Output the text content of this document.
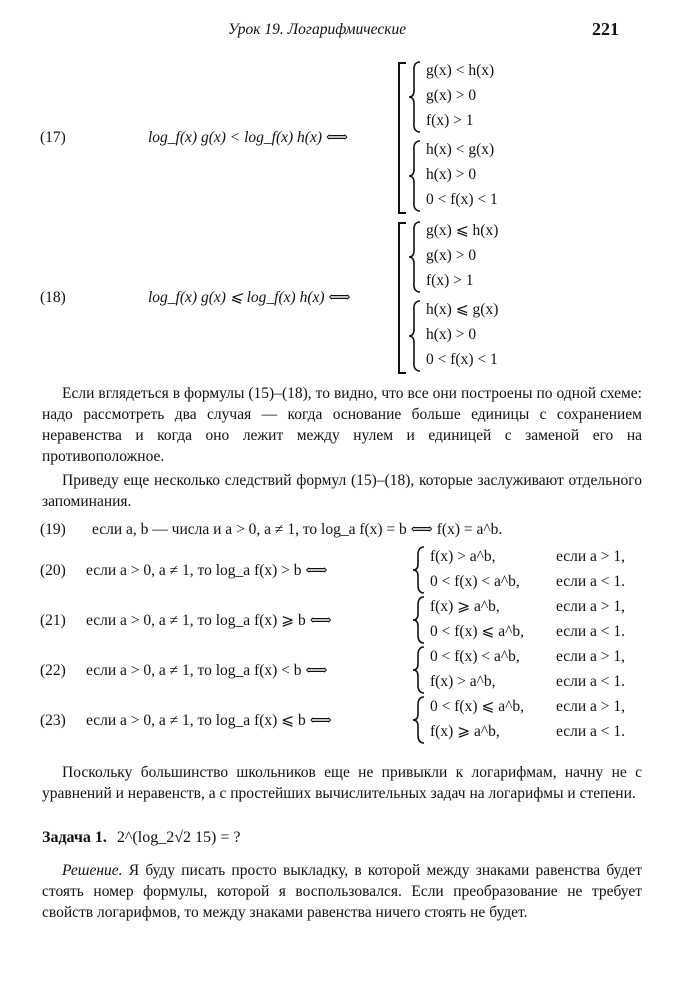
Урок 19. Логарифмические	221
(17)	log_f(x) g(x) < log_f(x) h(x) ⟺
g(x) < h(x)
g(x) > 0
f(x) > 1
h(x) < g(x)
h(x) > 0
0 < f(x) < 1
(18)	log_f(x) g(x) ⩽ log_f(x) h(x) ⟺
g(x) ⩽ h(x)
g(x) > 0
f(x) > 1
h(x) ⩽ g(x)
h(x) > 0
0 < f(x) < 1
Если вглядеться в формулы (15)–(18), то видно, что все они построены по одной схеме: надо рассмотреть два случая — когда основание больше единицы с сохранением неравенства и когда оно лежит между нулем и единицей с заменой его на противоположное.
Приведу еще несколько следствий формул (15)–(18), которые заслуживают отдельного запоминания.
(19) если a, b — числа и a > 0, a ≠ 1, то log_a f(x) = b ⟺ f(x) = a^b.
(20) если a > 0, a ≠ 1, то log_a f(x) > b ⟺
f(x) > a^b,	если a > 1,
0 < f(x) < a^b, если a < 1.
(21) если a > 0, a ≠ 1, то log_a f(x) ⩾ b ⟺
f(x) ⩾ a^b,	если a > 1,
0 < f(x) ⩽ a^b, если a < 1.
(22) если a > 0, a ≠ 1, то log_a f(x) < b ⟺
0 < f(x) < a^b, если a > 1,
f(x) > a^b,	если a < 1.
(23) если a > 0, a ≠ 1, то log_a f(x) ⩽ b ⟺
0 < f(x) ⩽ a^b, если a > 1,
f(x) ⩾ a^b,	если a < 1.
Поскольку большинство школьников еще не привыкли к логарифмам, начну не с уравнений и неравенств, а с простейших вычислительных задач на логарифмы и степени.
Задача 1. 2^(log_2√2 15) = ?
Решение. Я буду писать просто выкладку, в которой между знаками равенства будет стоять номер формулы, которой я воспользовался. Если преобразование не требует свойств логарифмов, то между знаками равенства ничего стоять не будет.
